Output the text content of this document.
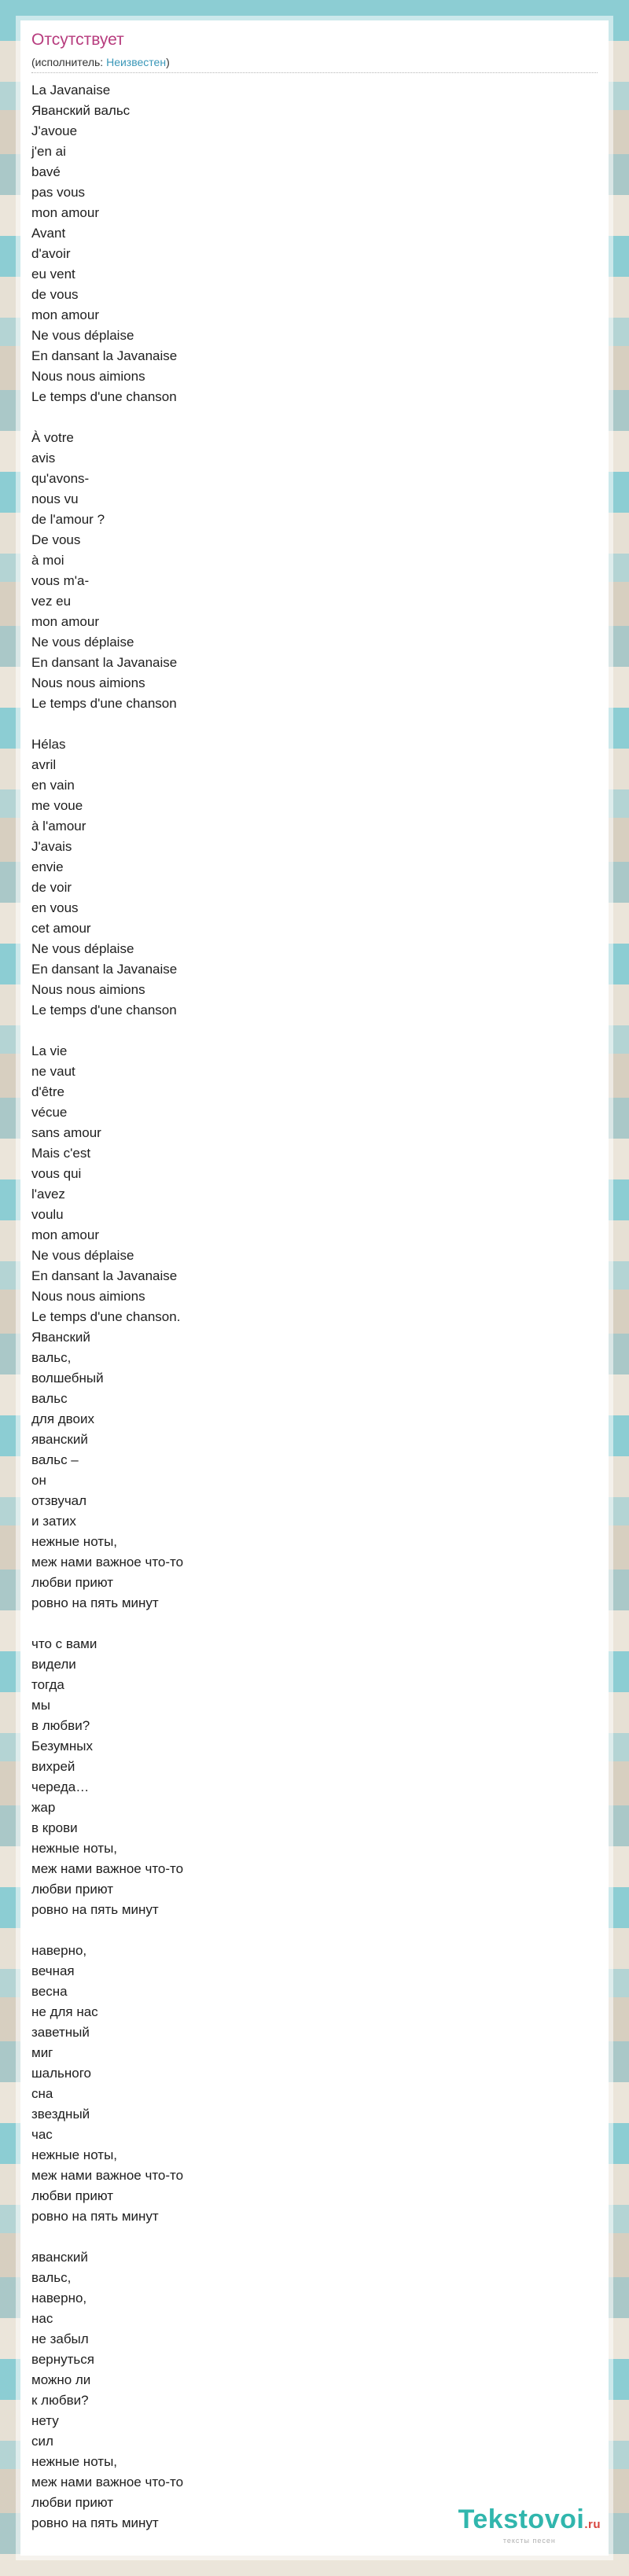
Отсутствует
(исполнитель: Неизвестен)
La Javanaise
Яванский вальс
J'avoue
j'en ai
bavé
pas vous
mon amour
Avant
d'avoir
eu vent
de vous
mon amour
Ne vous déplaise
En dansant la Javanaise
Nous nous aimions
Le temps d'une chanson
À votre
avis
qu'avons-
nous vu
de l'amour ?
De vous
à moi
vous m'a-
vez eu
mon amour
Ne vous déplaise
En dansant la Javanaise
Nous nous aimions
Le temps d'une chanson
Hélas
avril
en vain
me voue
à l'amour
J'avais
envie
de voir
en vous
cet amour
Ne vous déplaise
En dansant la Javanaise
Nous nous aimions
Le temps d'une chanson
La vie
ne vaut
d'être
vécue
sans amour
Mais c'est
vous qui
l'avez
voulu
mon amour
Ne vous déplaise
En dansant la Javanaise
Nous nous aimions
Le temps d'une chanson.
Яванский
вальс,
волшебный
вальс
для двоих
яванский
вальс –
он
отзвучал
и затих
нежные ноты,
меж нами важное что-то
любви приют
ровно на пять минут
что с вами
видели
тогда
мы
в любви?
Безумных
вихрей
череда…
жар
в крови
нежные ноты,
меж нами важное что-то
любви приют
ровно на пять минут
наверно,
вечная
весна
не для нас
заветный
миг
шального
сна
звездный
час
нежные ноты,
меж нами важное что-то
любви приют
ровно на пять минут
яванский
вальс,
наверно,
нас
не забыл
вернуться
можно ли
к любви?
нету
сил
нежные ноты,
меж нами важное что-то
любви приют
ровно на пять минут	Tekstovoi.ru
тексты песен
